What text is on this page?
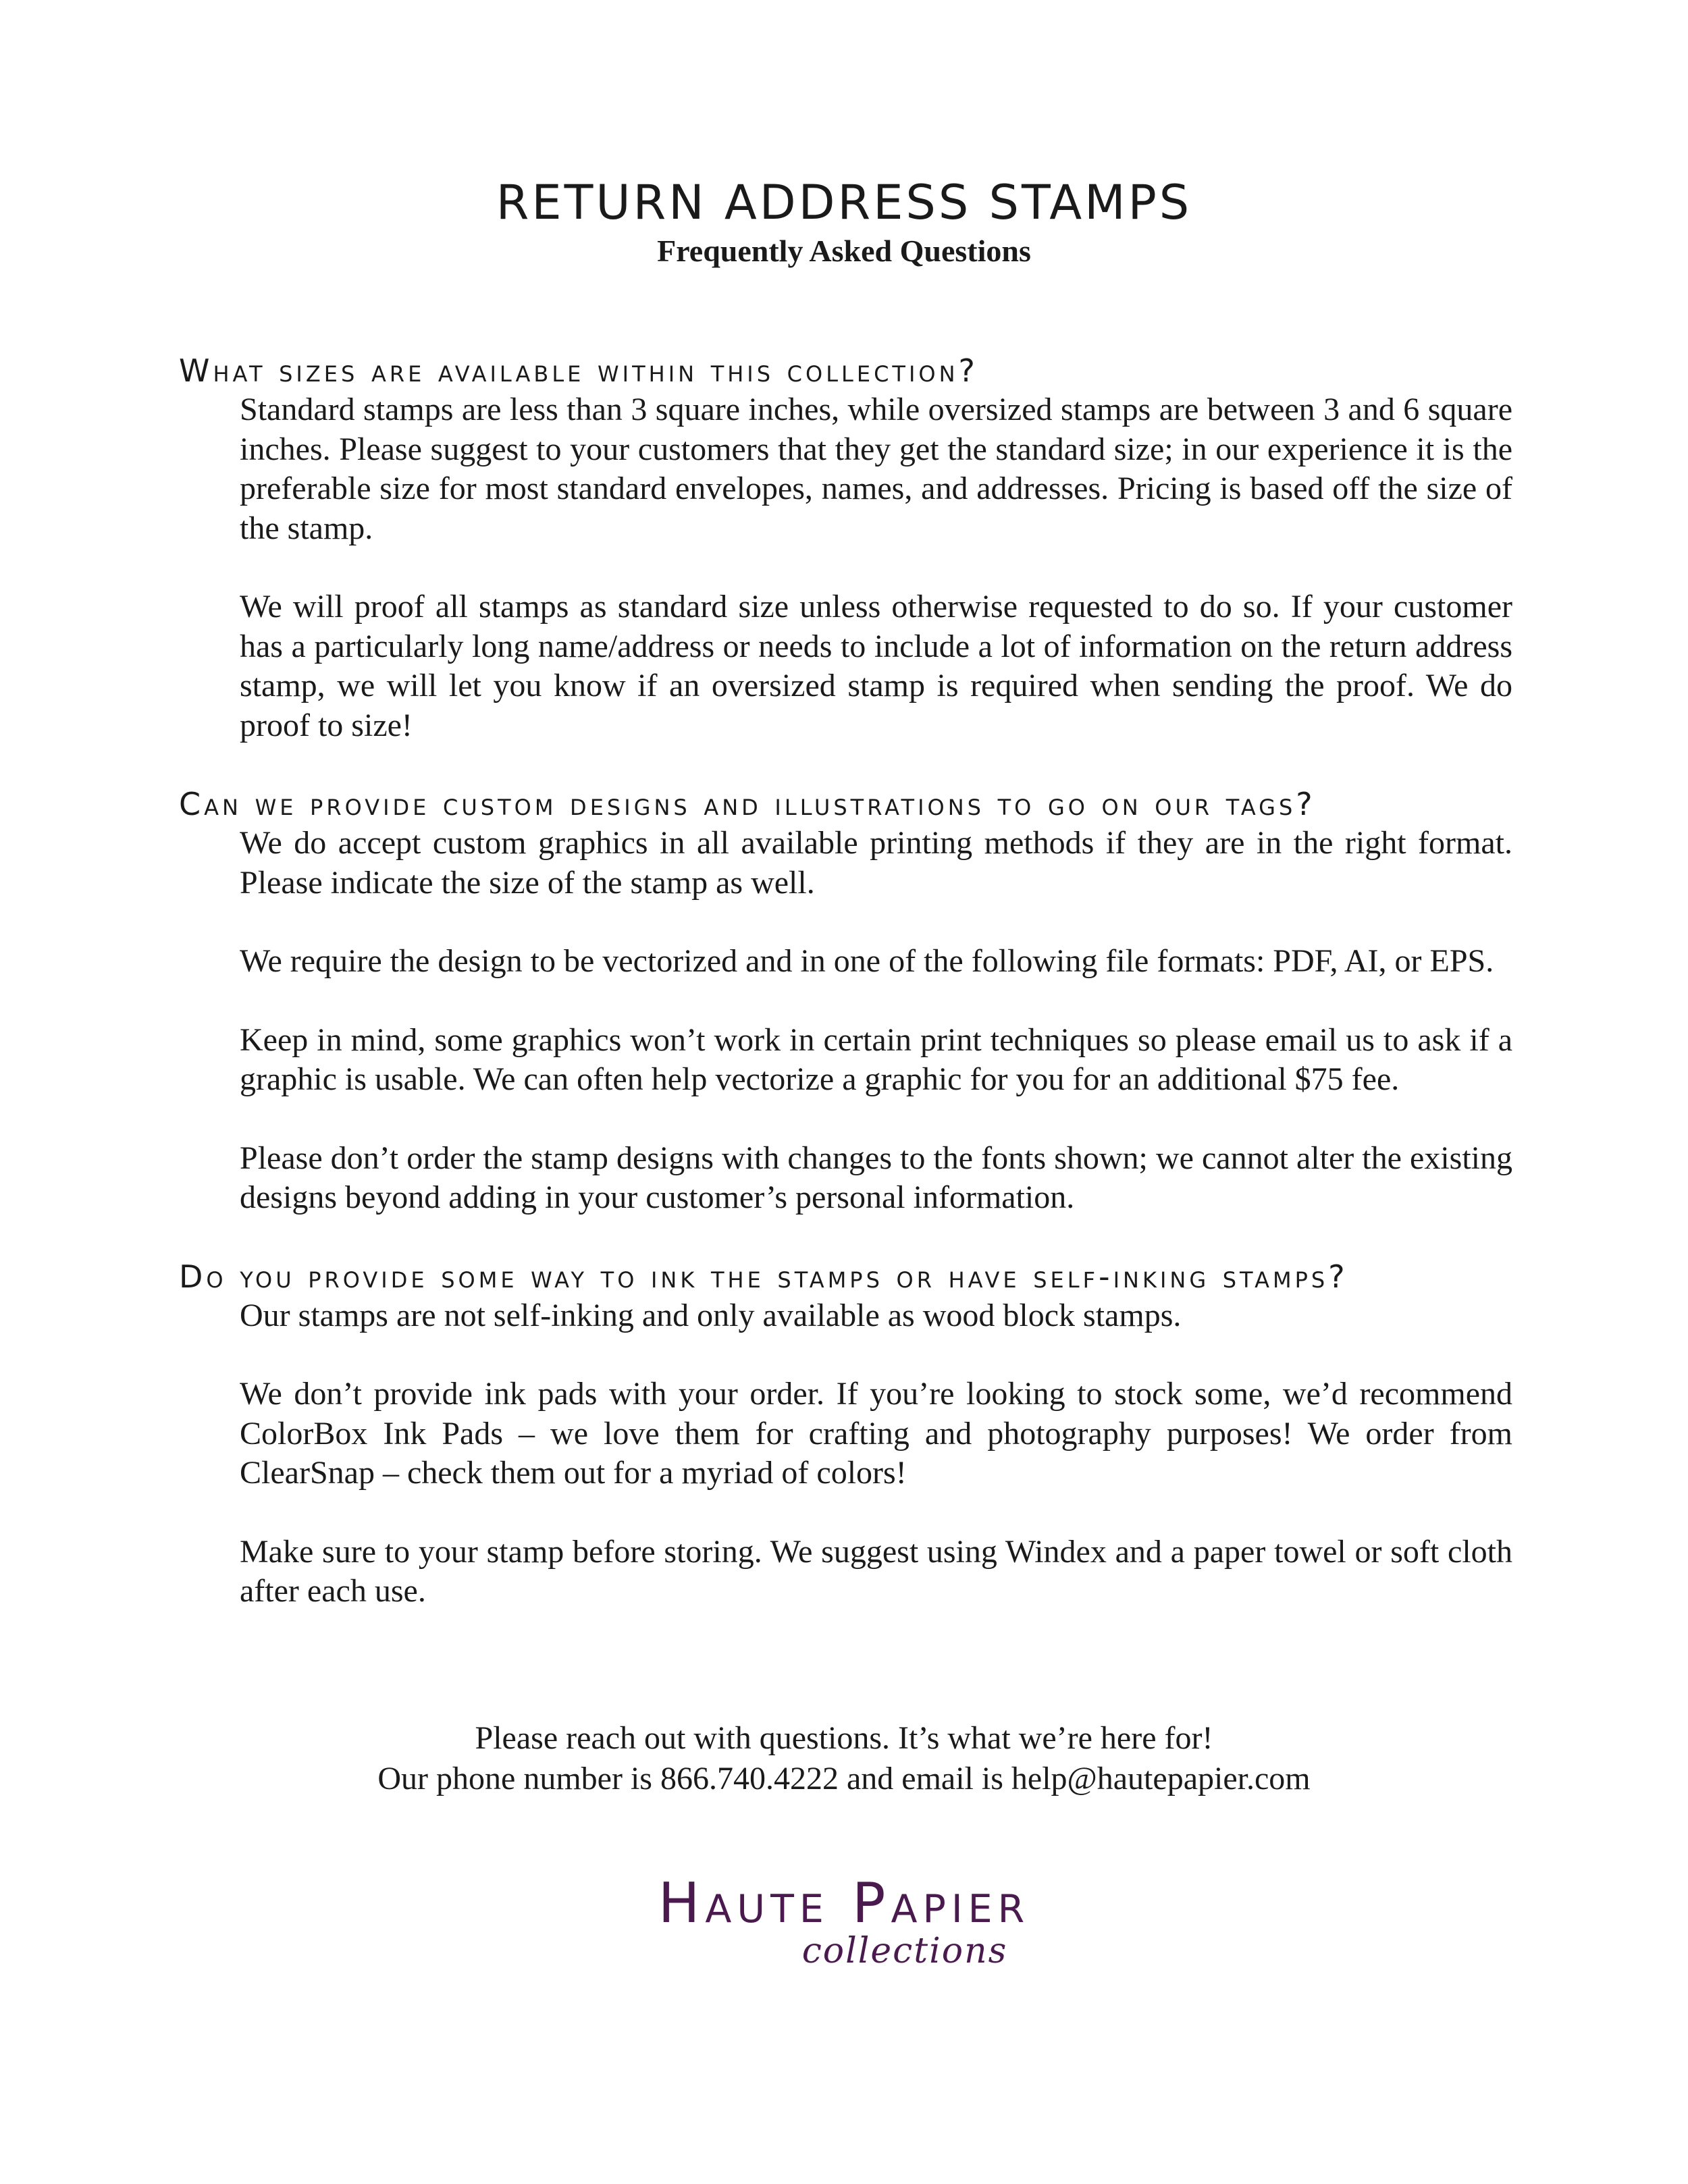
RETURN ADDRESS STAMPS
Frequently Asked Questions

What sizes are available within this collection?

Standard stamps are less than 3 square inches, while oversized stamps are between 3 and 6 square inches. Please suggest to your customers that they get the standard size; in our experience it is the preferable size for most standard envelopes, names, and addresses. Pricing is based off the size of the stamp.

We will proof all stamps as standard size unless otherwise requested to do so. If your customer has a particularly long name/address or needs to include a lot of information on the return address stamp, we will let you know if an oversized stamp is required when sending the proof. We do proof to size!

Can we provide custom designs and illustrations to go on our tags?

We do accept custom graphics in all available printing methods if they are in the right format. Please indicate the size of the stamp as well.

We require the design to be vectorized and in one of the following file formats: PDF, AI, or EPS.

Keep in mind, some graphics won’t work in certain print techniques so please email us to ask if a graphic is usable. We can often help vectorize a graphic for you for an additional $75 fee.

Please don’t order the stamp designs with changes to the fonts shown; we cannot alter the existing designs beyond adding in your customer’s personal information.

Do you provide some way to ink the stamps or have self-inking stamps?

Our stamps are not self-inking and only available as wood block stamps.

We don’t provide ink pads with your order. If you’re looking to stock some, we’d recommend ColorBox Ink Pads – we love them for crafting and photography purposes! We order from ClearSnap – check them out for a myriad of colors!

Make sure to your stamp before storing. We suggest using Windex and a paper towel or soft cloth after each use.

Please reach out with questions. It’s what we’re here for!

Our phone number is 866.740.4222 and email is help@hautepapier.com

Haute Papier
collections
